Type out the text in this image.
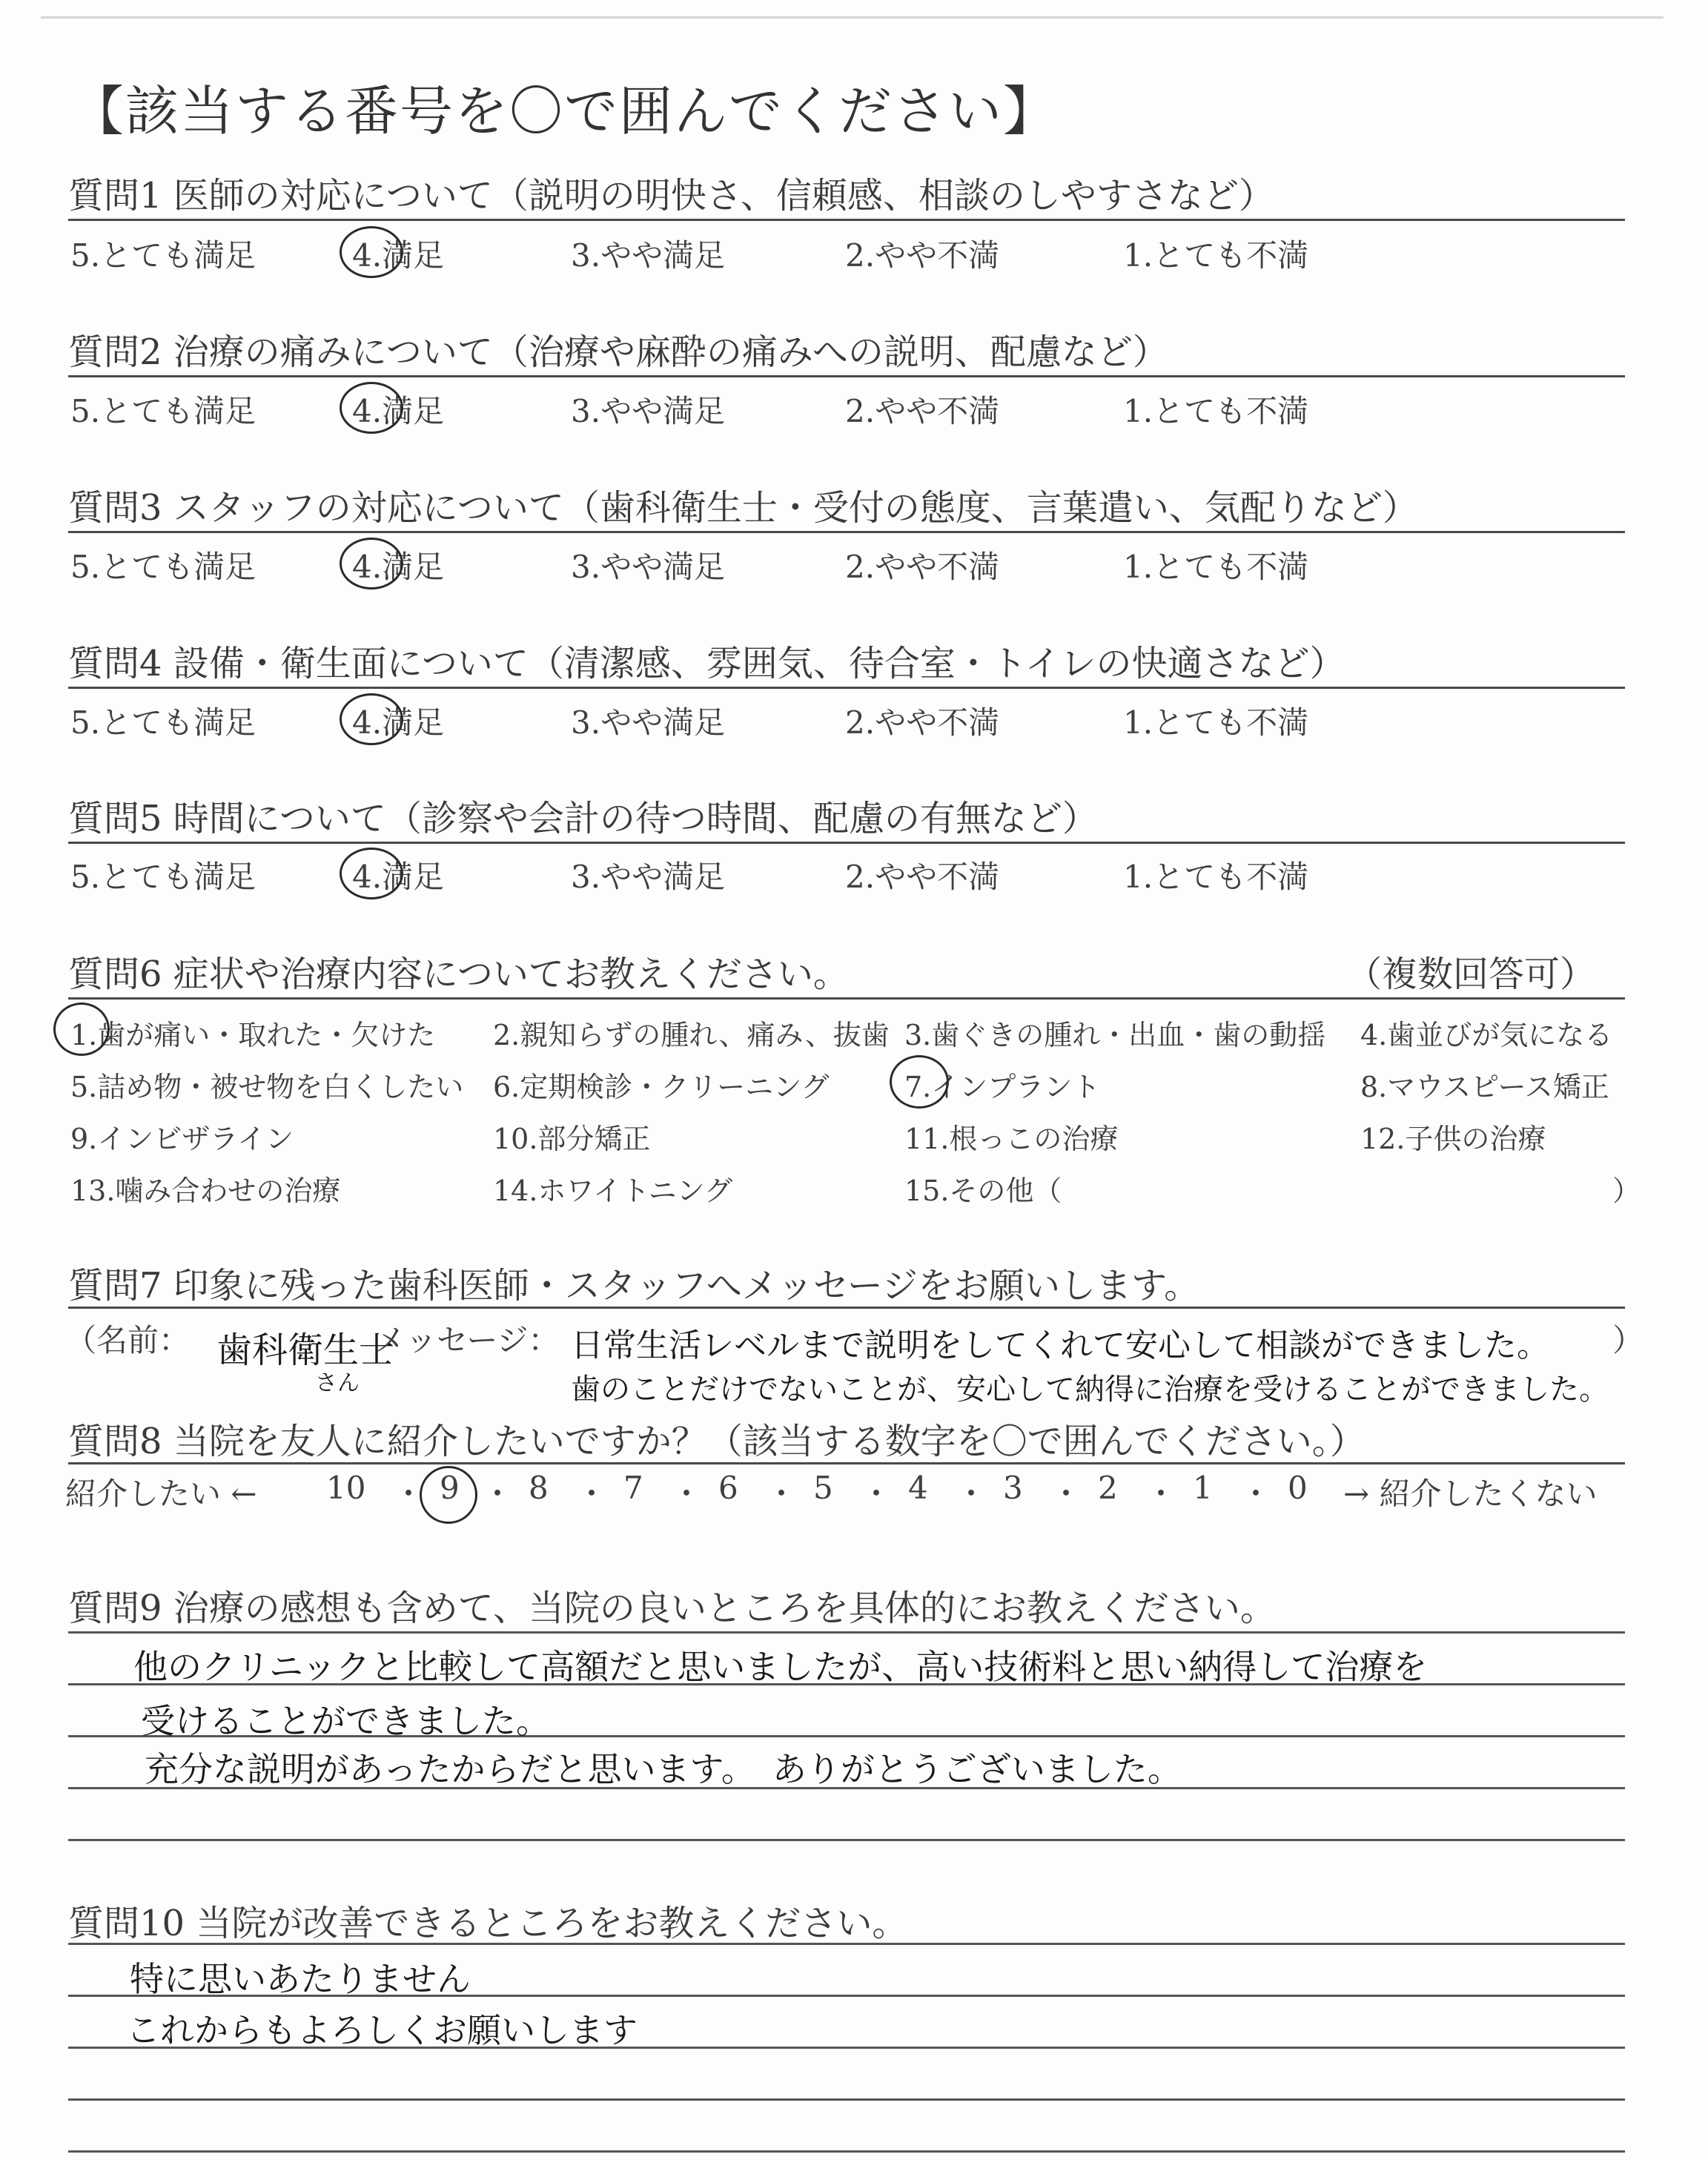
【該当する番号を〇で囲んでください】
質問1 医師の対応について（説明の明快さ、信頼感、相談のしやすさなど）
5.とても満足	4.満足	3.やや満足	2.やや不満	1.とても不満
質問2 治療の痛みについて（治療や麻酔の痛みへの説明、配慮など）
5.とても満足	4.満足	3.やや満足	2.やや不満	1.とても不満
質問3 スタッフの対応について（歯科衛生士・受付の態度、言葉遣い、気配りなど）
5.とても満足	4.満足	3.やや満足	2.やや不満	1.とても不満
質問4 設備・衛生面について（清潔感、雰囲気、待合室・トイレの快適さなど）
5.とても満足	4.満足	3.やや満足	2.やや不満	1.とても不満
質問5 時間について（診察や会計の待つ時間、配慮の有無など）
5.とても満足	4.満足	3.やや満足	2.やや不満	1.とても不満
質問6 症状や治療内容についてお教えください。	（複数回答可）
1.歯が痛い・取れた・欠けた 2.親知らずの腫れ、痛み、抜歯 3.歯ぐきの腫れ・出血・歯の動揺 4.歯並びが気になる
5.詰め物・被せ物を白くしたい 6.定期検診・クリーニング	7.インプラント	8.マウスピース矯正
9.インビザライン	10.部分矯正	11.根っこの治療	12.子供の治療
13.噛み合わせの治療	14.ホワイトニング	15.その他（	）
質問7 印象に残った歯科医師・スタッフへメッセージをお願いします。
（名前： 歯科衛生士
さん
メッセージ： 日常生活レベルまで説明をしてくれて安心して相談ができました。
歯のことだけでないことが、安心して納得に治療を受けることができました。
）
質問8 当院を友人に紹介したいですか？（該当する数字を〇で囲んでください。）
紹介したい ←	→ 紹介したくない
10 ・ 9 ・ 8 ・ 7 ・ 6 ・ 5 ・ 4 ・ 3 ・ 2 ・ 1 ・ 0
質問9 治療の感想も含めて、当院の良いところを具体的にお教えください。
他のクリニックと比較して高額だと思いましたが、高い技術料と思い納得して治療を
受けることができました。
充分な説明があったからだと思います。　ありがとうございました。
質問10 当院が改善できるところをお教えください。
特に思いあたりません
これからもよろしくお願いします
